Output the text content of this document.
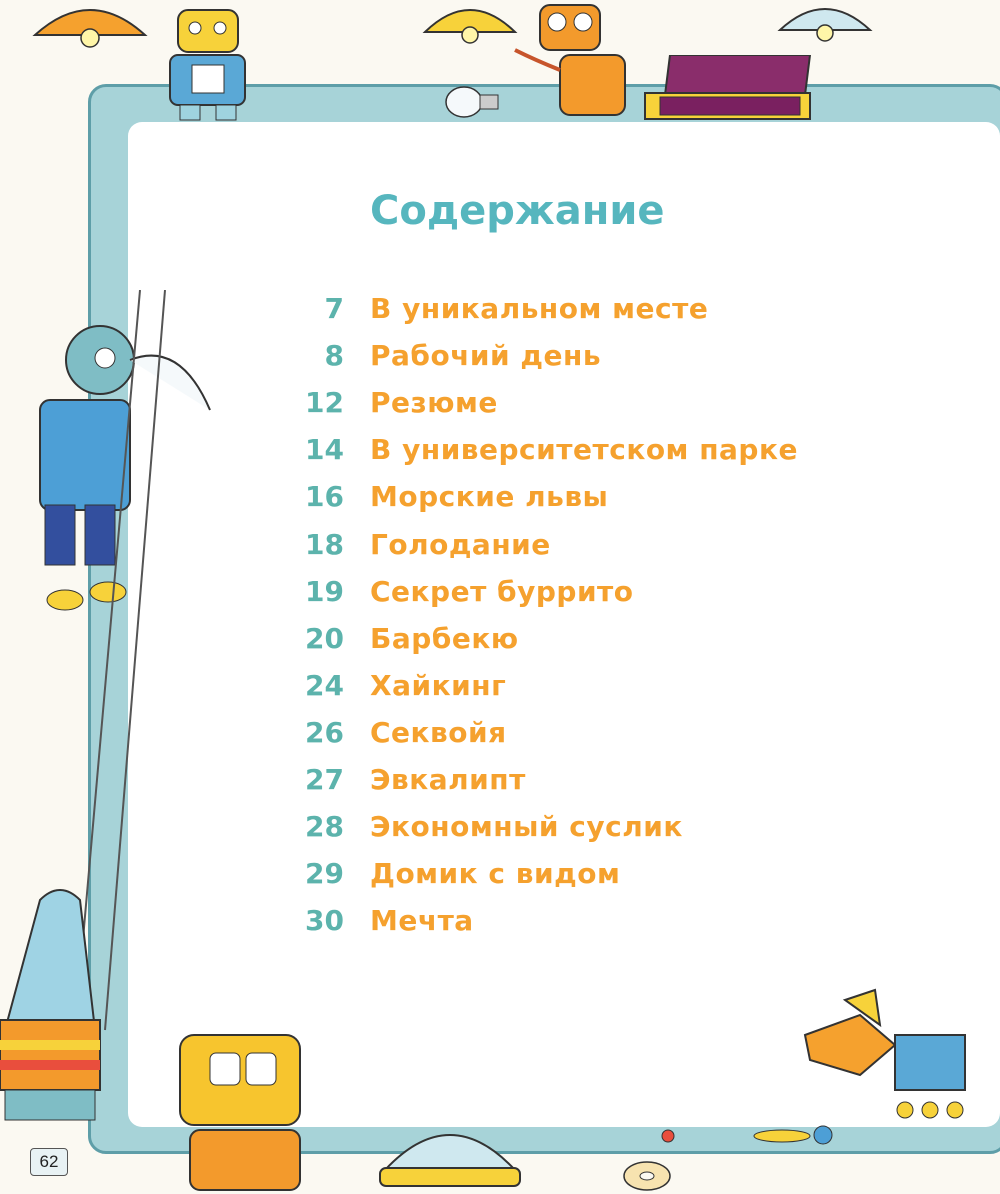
Содержание
7 В уникальном месте
8 Рабочий день
12 Резюме
14 В университетском парке
16 Морские львы
18 Голодание
19 Секрет буррито
20 Барбекю
24 Хайкинг
26 Секвойя
27 Эвкалипт
28 Экономный суслик
29 Домик с видом
30 Мечта
62
